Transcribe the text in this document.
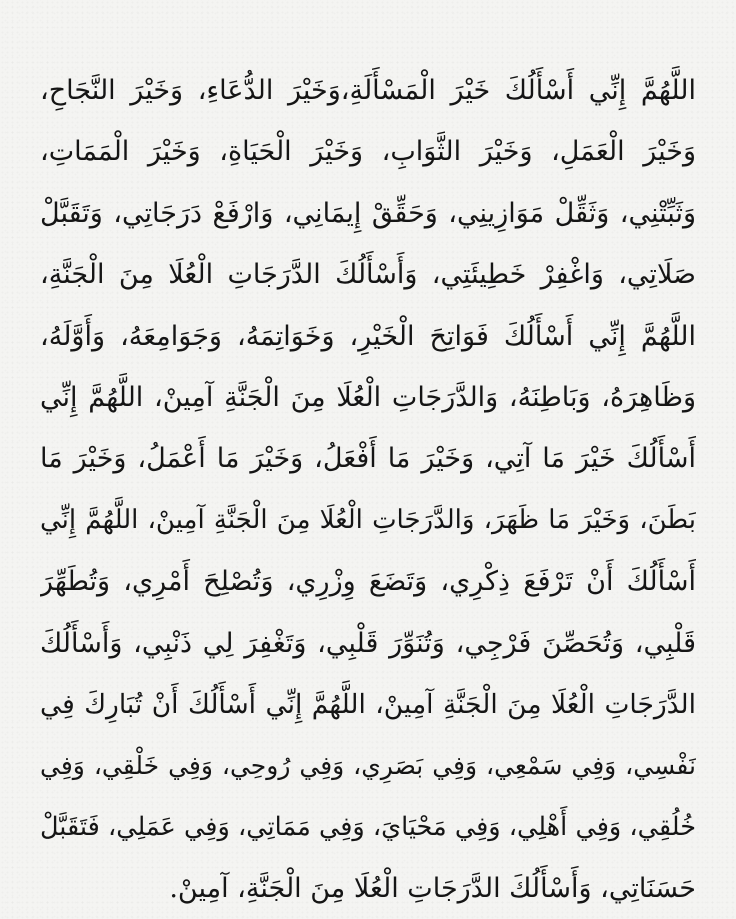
اللَّهُمَّ إِنِّي أَسْأَلُكَ خَيْرَ الْمَسْأَلَةِ،وَخَيْرَ الدُّعَاءِ، وَخَيْرَ النَّجَاحِ،
وَخَيْرَ الْعَمَلِ، وَخَيْرَ الثَّوَابِ، وَخَيْرَ الْحَيَاةِ، وَخَيْرَ الْمَمَاتِ،
وَثَبِّتْنِي، وَثَقِّلْ مَوَازِينِي، وَحَقِّقْ إِيمَانِي، وَارْفَعْ دَرَجَاتِي، وَتَقَبَّلْ
صَلَاتِي، وَاغْفِرْ خَطِيئَتِي، وَأَسْأَلُكَ الدَّرَجَاتِ الْعُلَا مِنَ الْجَنَّةِ،
اللَّهُمَّ إِنِّي أَسْأَلُكَ فَوَاتِحَ الْخَيْرِ، وَخَوَاتِمَهُ، وَجَوَامِعَهُ، وَأَوَّلَهُ،
وَظَاهِرَهُ، وَبَاطِنَهُ، وَالدَّرَجَاتِ الْعُلَا مِنَ الْجَنَّةِ آمِينْ، اللَّهُمَّ إِنِّي
أَسْأَلُكَ خَيْرَ مَا آتِي، وَخَيْرَ مَا أَفْعَلُ، وَخَيْرَ مَا أَعْمَلُ، وَخَيْرَ مَا
بَطَنَ، وَخَيْرَ مَا ظَهَرَ، وَالدَّرَجَاتِ الْعُلَا مِنَ الْجَنَّةِ آمِينْ، اللَّهُمَّ إِنِّي
أَسْأَلُكَ أَنْ تَرْفَعَ ذِكْرِي، وَتَضَعَ وِزْرِي، وَتُصْلِحَ أَمْرِي، وَتُطَهِّرَ
قَلْبِي، وَتُحَصِّنَ فَرْجِي، وَتُنَوِّرَ قَلْبِي، وَتَغْفِرَ لِي ذَنْبِي، وَأَسْأَلُكَ
الدَّرَجَاتِ الْعُلَا مِنَ الْجَنَّةِ آمِينْ، اللَّهُمَّ إِنِّي أَسْأَلُكَ أَنْ تُبَارِكَ فِي
نَفْسِي، وَفِي سَمْعِي، وَفِي بَصَرِي، وَفِي رُوحِي، وَفِي خَلْقِي، وَفِي
خُلُقِي، وَفِي أَهْلِي، وَفِي مَحْيَايَ، وَفِي مَمَاتِي، وَفِي عَمَلِي، فَتَقَبَّلْ
حَسَنَاتِي، وَأَسْأَلُكَ الدَّرَجَاتِ الْعُلَا مِنَ الْجَنَّةِ، آمِينْ.
